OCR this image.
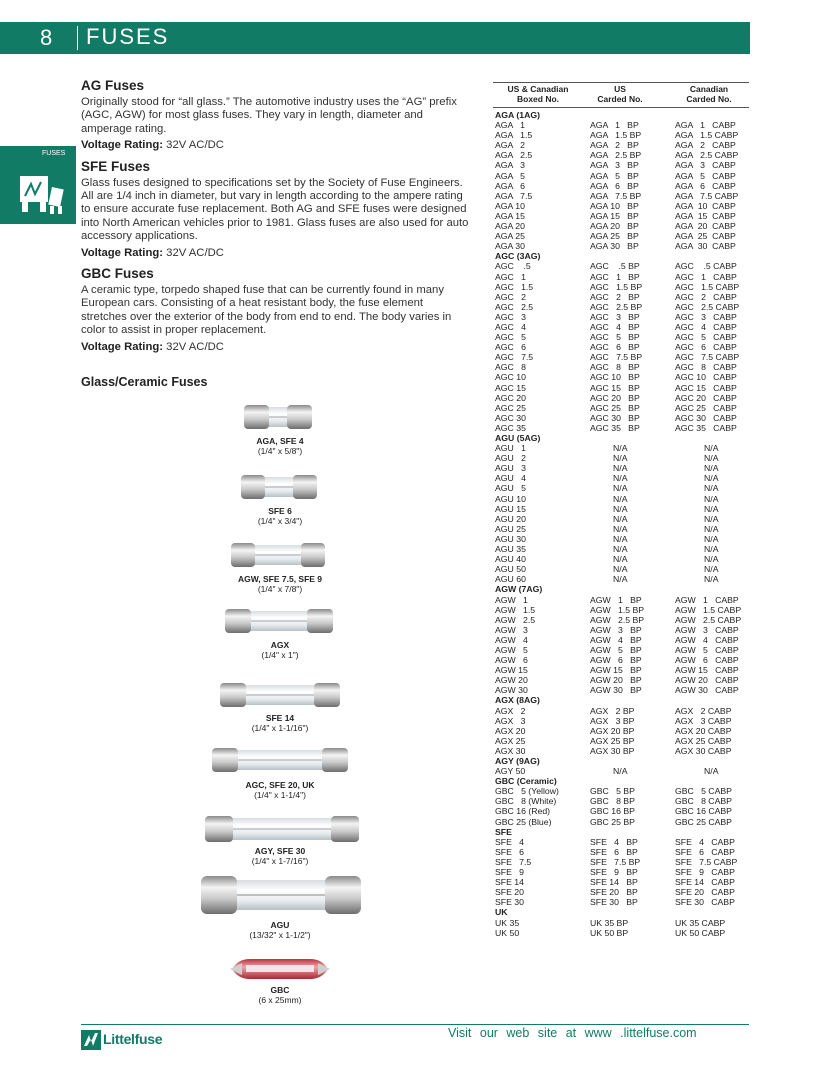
8 FUSES
FUSES
AG Fuses
Originally stood for “all glass.” The automotive industry uses the “AG” prefix (AGC, AGW) for most glass fuses. They vary in length, diameter and amperage rating.
Voltage Rating: 32V AC/DC
SFE Fuses
Glass fuses designed to specifications set by the Society of Fuse Engineers. All are 1/4 inch in diameter, but vary in length according to the ampere rating to ensure accurate fuse replacement. Both AG and SFE fuses were designed into North American vehicles prior to 1981. Glass fuses are also used for auto accessory applications.
Voltage Rating: 32V AC/DC
GBC Fuses
A ceramic type, torpedo shaped fuse that can be currently found in many European cars. Consisting of a heat resistant body, the fuse element stretches over the exterior of the body from end to end. The body varies in color to assist in proper replacement.
Voltage Rating: 32V AC/DC
Glass/Ceramic Fuses
AGA, SFE 4
(1/4" x 5/8")
SFE 6
(1/4" x 3/4")
AGW, SFE 7.5, SFE 9
(1/4" x 7/8")
AGX
(1/4" x 1")
SFE 14
(1/4" x 1-1/16")
AGC, SFE 20, UK
(1/4" x 1-1/4")
AGY, SFE 30
(1/4" x 1-7/16")
AGU
(13/32" x 1-1/2")
GBC
(6 x 25mm)
US & Canadian
Boxed No.
US
Carded No.
Canadian
Carded No.
AGA (1AG)
AGA   1	AGA   1   BP	AGA   1   CABP
AGA   1.5	AGA   1.5 BP	AGA   1.5 CABP
AGA   2	AGA   2   BP	AGA   2   CABP
AGA   2.5	AGA   2.5 BP	AGA   2.5 CABP
AGA   3	AGA   3   BP	AGA   3   CABP
AGA   5	AGA   5   BP	AGA   5   CABP
AGA   6	AGA   6   BP	AGA   6   CABP
AGA   7.5	AGA   7.5 BP	AGA   7.5 CABP
AGA 10	AGA 10   BP	AGA  10  CABP
AGA 15	AGA 15   BP	AGA  15  CABP
AGA 20	AGA 20   BP	AGA  20  CABP
AGA 25	AGA 25   BP	AGA  25  CABP
AGA 30	AGA 30   BP	AGA  30  CABP
AGC (3AG)
AGC    .5	AGC    .5 BP	AGC    .5 CABP
AGC   1	AGC   1   BP	AGC   1   CABP
AGC   1.5	AGC   1.5 BP	AGC   1.5 CABP
AGC   2	AGC   2   BP	AGC   2   CABP
AGC   2.5	AGC   2.5 BP	AGC   2.5 CABP
AGC   3	AGC   3   BP	AGC   3   CABP
AGC   4	AGC   4   BP	AGC   4   CABP
AGC   5	AGC   5   BP	AGC   5   CABP
AGC   6	AGC   6   BP	AGC   6   CABP
AGC   7.5	AGC   7.5 BP	AGC   7.5 CABP
AGC   8	AGC   8   BP	AGC   8   CABP
AGC 10	AGC 10   BP	AGC 10   CABP
AGC 15	AGC 15   BP	AGC 15   CABP
AGC 20	AGC 20   BP	AGC 20   CABP
AGC 25	AGC 25   BP	AGC 25   CABP
AGC 30	AGC 30   BP	AGC 30   CABP
AGC 35	AGC 35   BP	AGC 35   CABP
AGU (5AG)
AGU   1	N/A	N/A
AGU   2	N/A	N/A
AGU   3	N/A	N/A
AGU   4	N/A	N/A
AGU   5	N/A	N/A
AGU 10	N/A	N/A
AGU 15	N/A	N/A
AGU 20	N/A	N/A
AGU 25	N/A	N/A
AGU 30	N/A	N/A
AGU 35	N/A	N/A
AGU 40	N/A	N/A
AGU 50	N/A	N/A
AGU 60	N/A	N/A
AGW (7AG)
AGW   1	AGW   1   BP	AGW   1   CABP
AGW   1.5	AGW   1.5 BP	AGW   1.5 CABP
AGW   2.5	AGW   2.5 BP	AGW   2.5 CABP
AGW   3	AGW   3   BP	AGW   3   CABP
AGW   4	AGW   4   BP	AGW   4   CABP
AGW   5	AGW   5   BP	AGW   5   CABP
AGW   6	AGW   6   BP	AGW   6   CABP
AGW 15	AGW 15   BP	AGW 15   CABP
AGW 20	AGW 20   BP	AGW 20   CABP
AGW 30	AGW 30   BP	AGW 30   CABP
AGX (8AG)
AGX   2	AGX   2 BP	AGX   2 CABP
AGX   3	AGX   3 BP	AGX   3 CABP
AGX 20	AGX 20 BP	AGX 20 CABP
AGX 25	AGX 25 BP	AGX 25 CABP
AGX 30	AGX 30 BP	AGX 30 CABP
AGY (9AG)
AGY 50	N/A	N/A
GBC (Ceramic)
GBC   5 (Yellow)	GBC   5 BP	GBC   5 CABP
GBC   8 (White)	GBC   8 BP	GBC   8 CABP
GBC 16 (Red)	GBC 16 BP	GBC 16 CABP
GBC 25 (Blue)	GBC 25 BP	GBC 25 CABP
SFE
SFE   4	SFE   4   BP	SFE   4   CABP
SFE   6	SFE   6   BP	SFE   6   CABP
SFE   7.5	SFE   7.5 BP	SFE   7.5 CABP
SFE   9	SFE   9   BP	SFE   9   CABP
SFE 14	SFE 14   BP	SFE 14   CABP
SFE 20	SFE 20   BP	SFE 20   CABP
SFE 30	SFE 30   BP	SFE 30   CABP
UK
UK 35	UK 35 BP	UK 35 CABP
UK 50	UK 50 BP	UK 50 CABP
Littelfuse	Visit our web site at www .littelfuse.com
